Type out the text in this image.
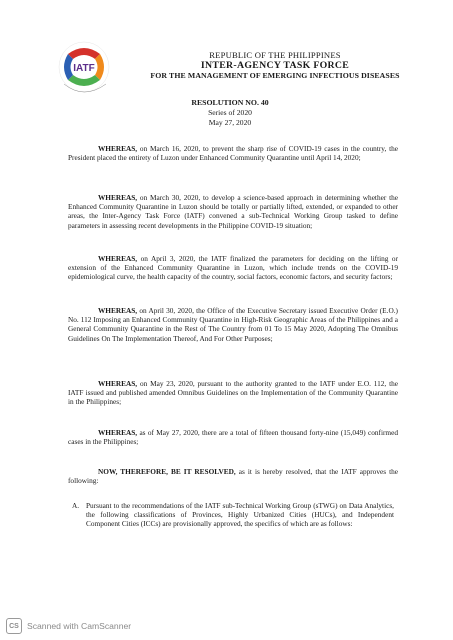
IATF
REPUBLIC OF THE PHILIPPINES
INTER-AGENCY TASK FORCE
FOR THE MANAGEMENT OF EMERGING INFECTIOUS DISEASES
RESOLUTION NO. 40
Series of 2020
May 27, 2020

WHEREAS, on March 16, 2020, to prevent the sharp rise of COVID-19 cases in the country, the President placed the entirety of Luzon under Enhanced Community Quarantine until April 14, 2020;

WHEREAS, on March 30, 2020, to develop a science-based approach in determining whether the Enhanced Community Quarantine in Luzon should be totally or partially lifted, extended, or expanded to other areas, the Inter-Agency Task Force (IATF) convened a sub-Technical Working Group tasked to define parameters in assessing recent developments in the Philippine COVID-19 situation;

WHEREAS, on April 3, 2020, the IATF finalized the parameters for deciding on the lifting or extension of the Enhanced Community Quarantine in Luzon, which include trends on the COVID-19 epidemiological curve, the health capacity of the country, social factors, economic factors, and security factors;

WHEREAS, on April 30, 2020, the Office of the Executive Secretary issued Executive Order (E.O.) No. 112 Imposing an Enhanced Community Quarantine in High-Risk Geographic Areas of the Philippines and a General Community Quarantine in the Rest of The Country from 01 To 15 May 2020, Adopting The Omnibus Guidelines On The Implementation Thereof, And For Other Purposes;

WHEREAS, on May 23, 2020, pursuant to the authority granted to the IATF under E.O. 112, the IATF issued and published amended Omnibus Guidelines on the Implementation of the Community Quarantine in the Philippines;

WHEREAS, as of May 27, 2020, there are a total of fifteen thousand forty-nine (15,049) confirmed cases in the Philippines;

NOW, THEREFORE, BE IT RESOLVED, as it is hereby resolved, that the IATF approves the following:

A. Pursuant to the recommendations of the IATF sub-Technical Working Group (sTWG) on Data Analytics, the following classifications of Provinces, Highly Urbanized Cities (HUCs), and Independent Component Cities (ICCs) are provisionally approved, the specifics of which are as follows:
CS Scanned with CamScanner
